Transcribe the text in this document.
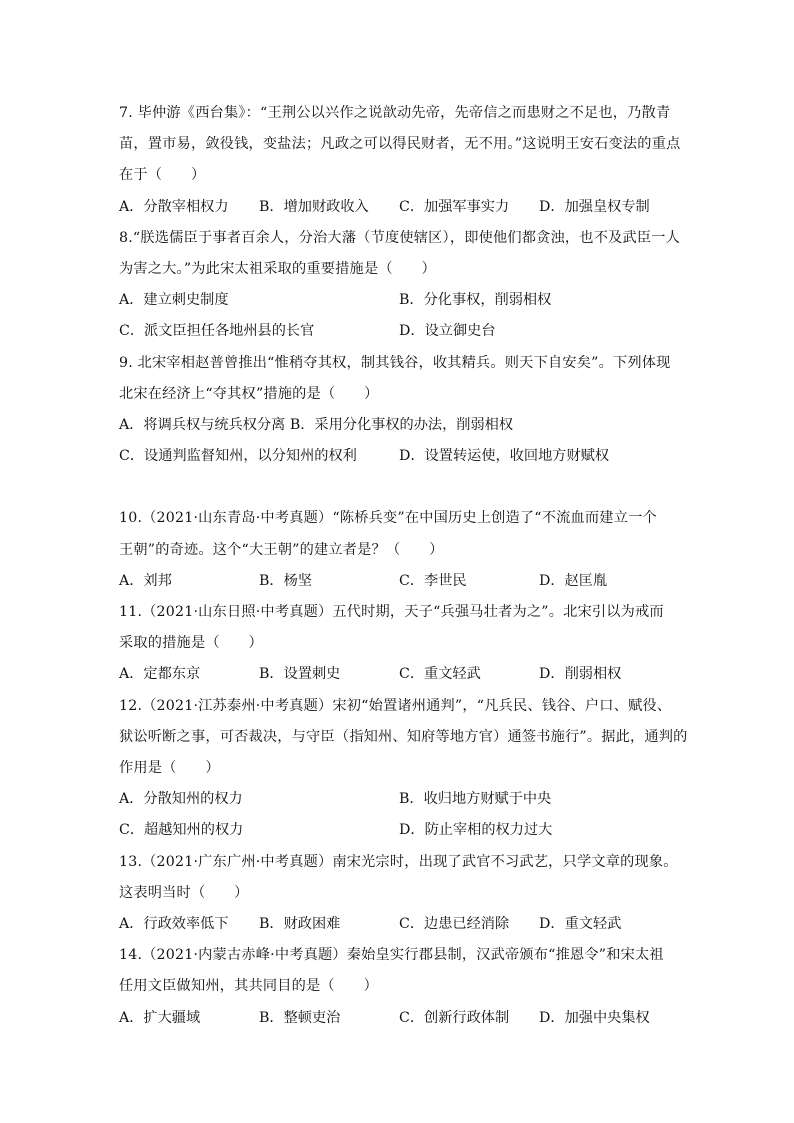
7. 毕仲游《西台集》：“王荆公以兴作之说歆动先帝，先帝信之而患财之不足也，乃散青
苗，置市易，敛役钱，变盐法；凡政之可以得民财者，无不用。”这说明王安石变法的重点
在于（　　）
A．分散宰相权力	B．增加财政收入	C．加强军事实力	D．加强皇权专制
8.“朕选儒臣于事者百余人，分治大藩（节度使辖区），即使他们都贪浊，也不及武臣一人
为害之大。”为此宋太祖采取的重要措施是（　　）
A．建立刺史制度	B．分化事权，削弱相权
C．派文臣担任各地州县的长官	D．设立御史台
9. 北宋宰相赵普曾推出“惟稍夺其权，制其钱谷，收其精兵。则天下自安矣”。下列体现
北宋在经济上“夺其权”措施的是（　　）
A．将调兵权与统兵权分离 B．采用分化事权的办法，削弱相权
C．设通判监督知州，以分知州的权利	D．设置转运使，收回地方财赋权
10.（2021·山东青岛·中考真题）“陈桥兵变”在中国历史上创造了“不流血而建立一个
王朝”的奇迹。这个“大王朝”的建立者是？（　　）
A．刘邦	B．杨坚	C．李世民	D．赵匡胤
11.（2021·山东日照·中考真题）五代时期，天子“兵强马壮者为之”。北宋引以为戒而
采取的措施是（　　）
A．定都东京	B．设置刺史	C．重文轻武	D．削弱相权
12.（2021·江苏泰州·中考真题）宋初“始置诸州通判”，“凡兵民、钱谷、户口、赋役、
狱讼听断之事，可否裁决，与守臣（指知州、知府等地方官）通签书施行”。据此，通判的
作用是（　　）
A．分散知州的权力	B．收归地方财赋于中央
C．超越知州的权力	D．防止宰相的权力过大
13.（2021·广东广州·中考真题）南宋光宗时，出现了武官不习武艺，只学文章的现象。
这表明当时（　　）
A．行政效率低下	B．财政困难	C．边患已经消除	D．重文轻武
14.（2021·内蒙古赤峰·中考真题）秦始皇实行郡县制，汉武帝颁布“推恩令”和宋太祖
任用文臣做知州，其共同目的是（　　）
A．扩大疆域	B．整顿吏治	C．创新行政体制	D．加强中央集权
